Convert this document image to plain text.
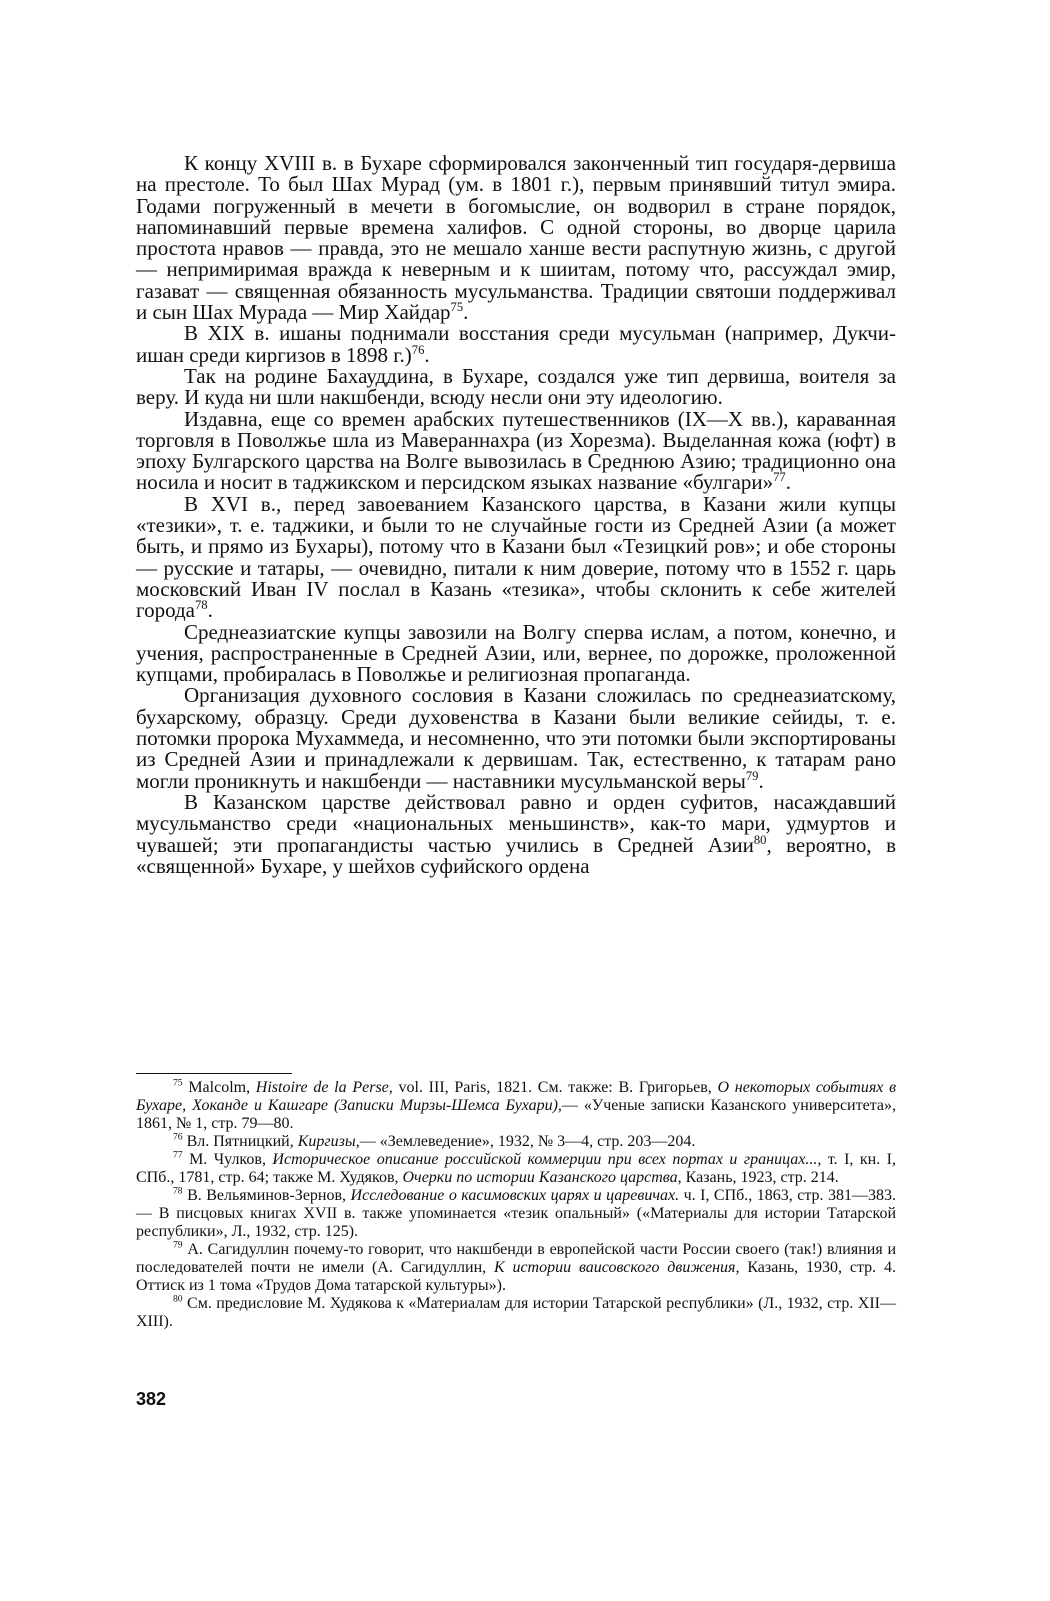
К концу XVIII в. в Бухаре сформировался законченный тип государя-дервиша на престоле. То был Шах Мурад (ум. в 1801 г.), первым принявший титул эмира. Годами погруженный в мечети в богомыслие, он водворил в стране порядок, напоминавший первые времена халифов. С одной стороны, во дворце царила простота нравов — правда, это не мешало ханше вести распутную жизнь, с другой — непримиримая вражда к неверным и к шиитам, потому что, рассуждал эмир, газават — священная обязанность мусульманства. Традиции святоши поддерживал и сын Шах Мурада — Мир Хайдар$^{75}$.

В XIX в. ишаны поднимали восстания среди мусульман (например, Дукчи-ишан среди киргизов в 1898 г.)$^{76}$.

Так на родине Бахауддина, в Бухаре, создался уже тип дервиша, воителя за веру. И куда ни шли накшбенди, всюду несли они эту идеологию.

Издавна, еще со времен арабских путешественников (IX—X вв.), караванная торговля в Поволжье шла из Мавераннахра (из Хорезма). Выделанная кожа (юфт) в эпоху Булгарского царства на Волге вывозилась в Среднюю Азию; традиционно она носила и носит в таджикском и персидском языках название «булгари»$^{77}$.

В XVI в., перед завоеванием Казанского царства, в Казани жили купцы «тезики», т. е. таджики, и были то не случайные гости из Средней Азии (а может быть, и прямо из Бухары), потому что в Казани был «Тезицкий ров»; и обе стороны — русские и татары, — очевидно, питали к ним доверие, потому что в 1552 г. царь московский Иван IV послал в Казань «тезика», чтобы склонить к себе жителей города$^{78}$.

Среднеазиатские купцы завозили на Волгу сперва ислам, а потом, конечно, и учения, распространенные в Средней Азии, или, вернее, по дорожке, проложенной купцами, пробиралась в Поволжье и религиозная пропаганда.

Организация духовного сословия в Казани сложилась по среднеазиатскому, бухарскому, образцу. Среди духовенства в Казани были великие сейиды, т. е. потомки пророка Мухаммеда, и несомненно, что эти потомки были экспортированы из Средней Азии и принадлежали к дервишам. Так, естественно, к татарам рано могли проникнуть и накшбенди — наставники мусульманской веры$^{79}$.

В Казанском царстве действовал равно и орден суфитов, насаждавший мусульманство среди «национальных меньшинств», как-то мари, удмуртов и чувашей; эти пропагандисты частью учились в Средней Азии$^{80}$, вероятно, в «священной» Бухаре, у шейхов суфийского ордена

$^{75}$ Malcolm, Histoire de la Perse, vol. III, Paris, 1821. См. также: В. Григорьев, О некоторых событиях в Бухаре, Хоканде и Кашгаре (Записки Мирзы-Шемса Бухари),— «Ученые записки Казанского университета», 1861, № 1, стр. 79—80.

$^{76}$ Вл. Пятницкий, Киргизы,— «Землеведение», 1932, № 3—4, стр. 203—204.

$^{77}$ М. Чулков, Историческое описание российской коммерции при всех портах и границах..., т. I, кн. I, СПб., 1781, стр. 64; также М. Худяков, Очерки по истории Казанского царства, Казань, 1923, стр. 214.

$^{78}$ В. Вельяминов-Зернов, Исследование о касимовских царях и царевичах. ч. I, СПб., 1863, стр. 381—383.— В писцовых книгах XVII в. также упоминается «тезик опальный» («Материалы для истории Татарской республики», Л., 1932, стр. 125).

$^{79}$ А. Сагидуллин почему-то говорит, что накшбенди в европейской части России своего (так!) влияния и последователей почти не имели (А. Сагидуллин, К истории ваисовского движения, Казань, 1930, стр. 4. Оттиск из 1 тома «Трудов Дома татарской культуры»).

$^{80}$ См. предисловие М. Худякова к «Материалам для истории Татарской республики» (Л., 1932, стр. XII—XIII).

382
